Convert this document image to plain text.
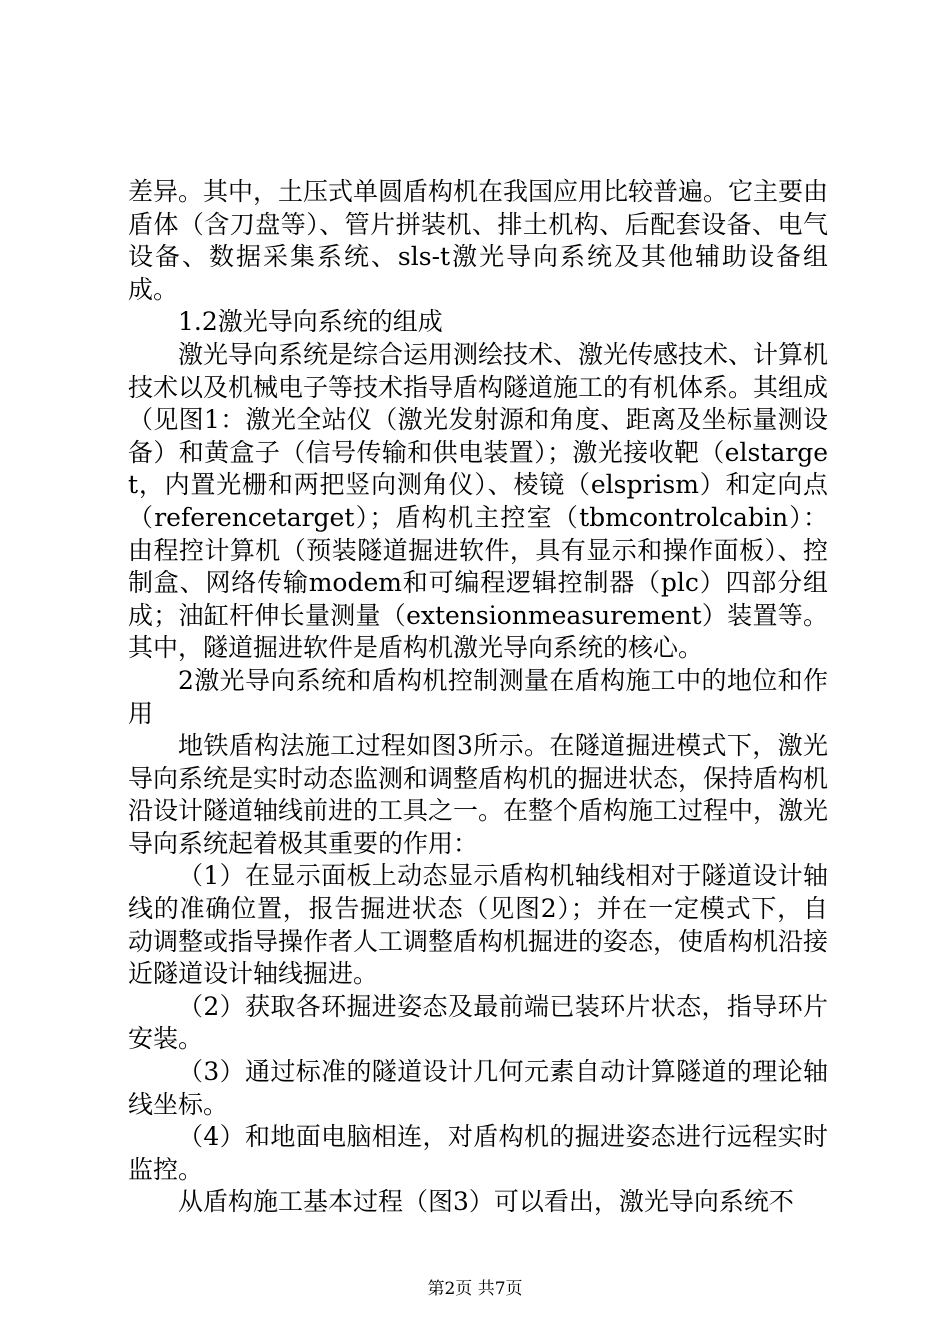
差异。其中，土压式单圆盾构机在我国应用比较普遍。它主要由盾体（含刀盘等）、管片拼装机、排土机构、后配套设备、电气设备、数据采集系统、sls-t激光导向系统及其他辅助设备组成。

1.2激光导向系统的组成

激光导向系统是综合运用测绘技术、激光传感技术、计算机技术以及机械电子等技术指导盾构隧道施工的有机体系。其组成（见图1：激光全站仪（激光发射源和角度、距离及坐标量测设备）和黄盒子（信号传输和供电装置）；激光接收靶（elstarget，内置光栅和两把竖向测角仪）、棱镜（elsprism）和定向点（referencetarget）；盾构机主控室（tbmcontrolcabin）：由程控计算机（预装隧道掘进软件，具有显示和操作面板）、控制盒、网络传输modem和可编程逻辑控制器（plc）四部分组成；油缸杆伸长量测量（extensionmeasurement）装置等。其中，隧道掘进软件是盾构机激光导向系统的核心。

2激光导向系统和盾构机控制测量在盾构施工中的地位和作用

地铁盾构法施工过程如图3所示。在隧道掘进模式下，激光导向系统是实时动态监测和调整盾构机的掘进状态，保持盾构机沿设计隧道轴线前进的工具之一。在整个盾构施工过程中，激光导向系统起着极其重要的作用：

（1）在显示面板上动态显示盾构机轴线相对于隧道设计轴线的准确位置，报告掘进状态（见图2）；并在一定模式下，自动调整或指导操作者人工调整盾构机掘进的姿态，使盾构机沿接近隧道设计轴线掘进。

（2）获取各环掘进姿态及最前端已装环片状态，指导环片安装。

（3）通过标准的隧道设计几何元素自动计算隧道的理论轴线坐标。

（4）和地面电脑相连，对盾构机的掘进姿态进行远程实时监控。

从盾构施工基本过程（图3）可以看出，激光导向系统不

第2页 共7页
